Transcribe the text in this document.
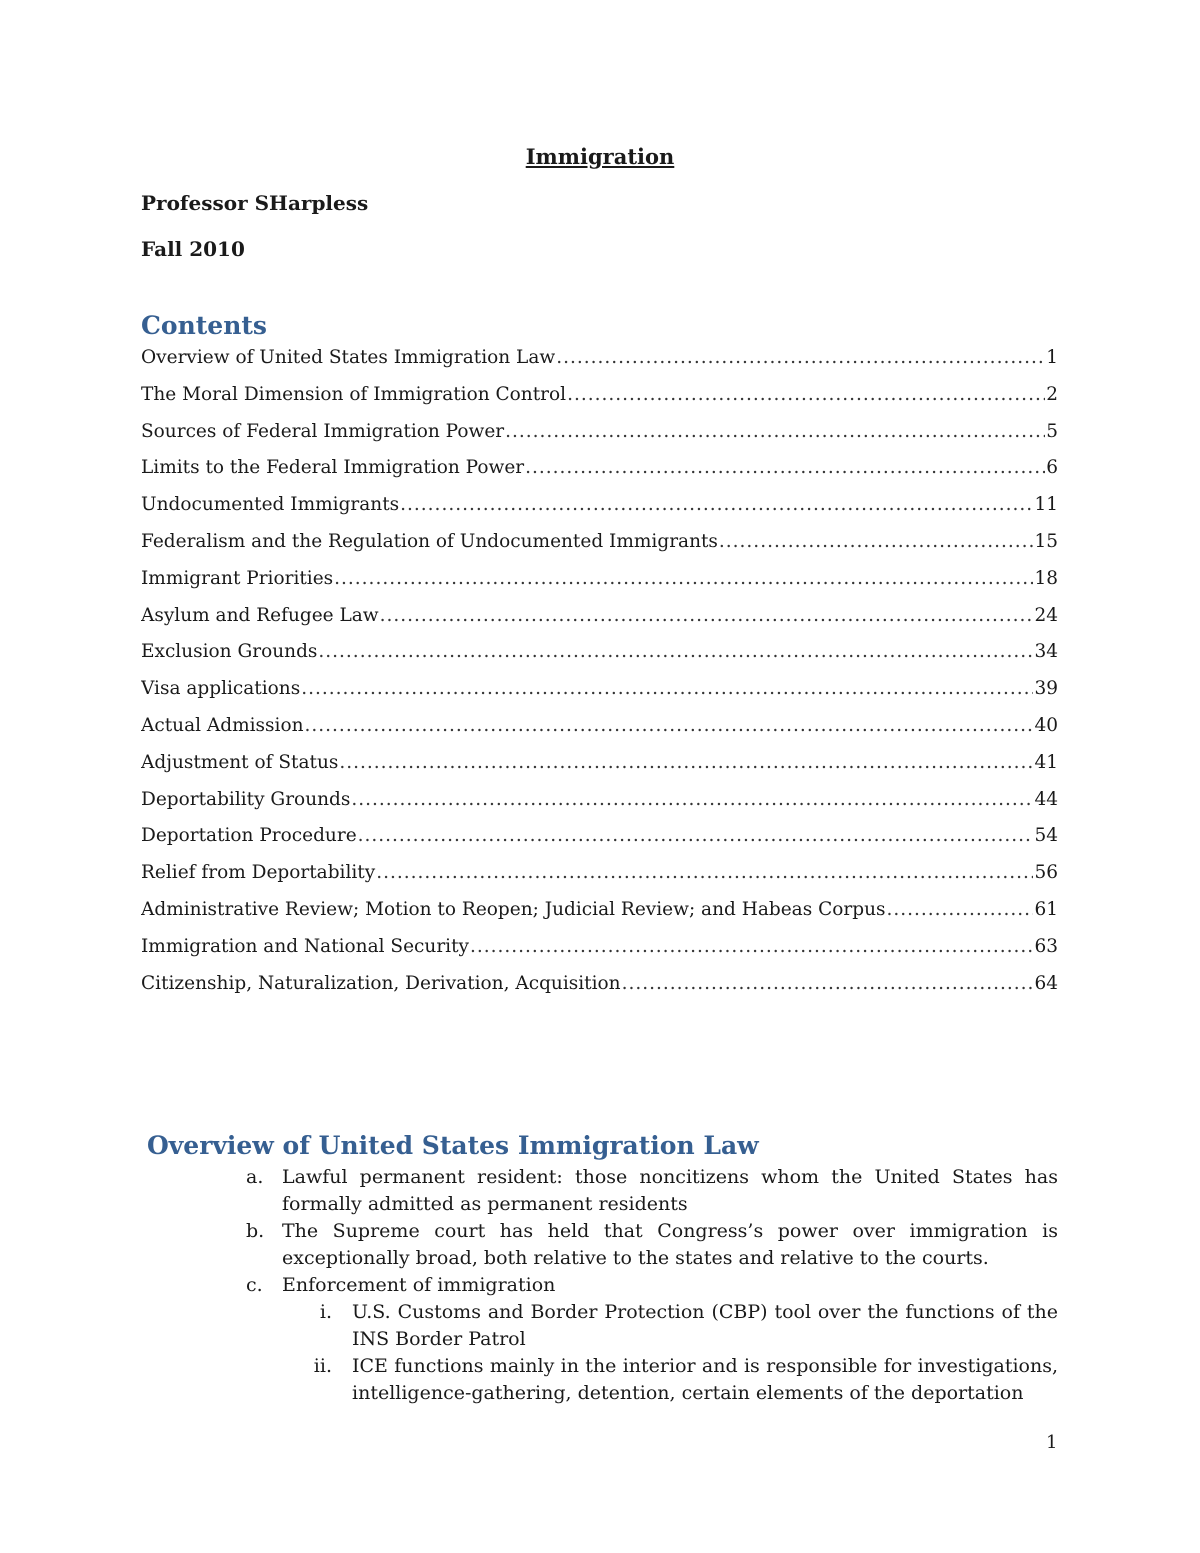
Immigration
Professor SHarpless
Fall 2010
Contents
Overview of United States Immigration Law .....	1
The Moral Dimension of Immigration Control .....	2
Sources of Federal Immigration Power .....	5
Limits to the Federal Immigration Power .....	6
Undocumented Immigrants .....	11
Federalism and the Regulation of Undocumented Immigrants .....	15
Immigrant Priorities .....	18
Asylum and Refugee Law .....	24
Exclusion Grounds .....	34
Visa applications .....	39
Actual Admission .....	40
Adjustment of Status .....	41
Deportability Grounds .....	44
Deportation Procedure .....	54
Relief from Deportability .....	56
Administrative Review; Motion to Reopen; Judicial Review; and Habeas Corpus .....	61
Immigration and National Security .....	63
Citizenship, Naturalization, Derivation, Acquisition .....	64
Overview of United States Immigration Law
a. Lawful permanent resident: those noncitizens whom the United States has formally admitted as permanent residents
b. The Supreme court has held that Congress’s power over immigration is exceptionally broad, both relative to the states and relative to the courts.
c. Enforcement of immigration
i. U.S. Customs and Border Protection (CBP) tool over the functions of the INS Border Patrol
ii. ICE functions mainly in the interior and is responsible for investigations, intelligence-gathering, detention, certain elements of the deportation
1
